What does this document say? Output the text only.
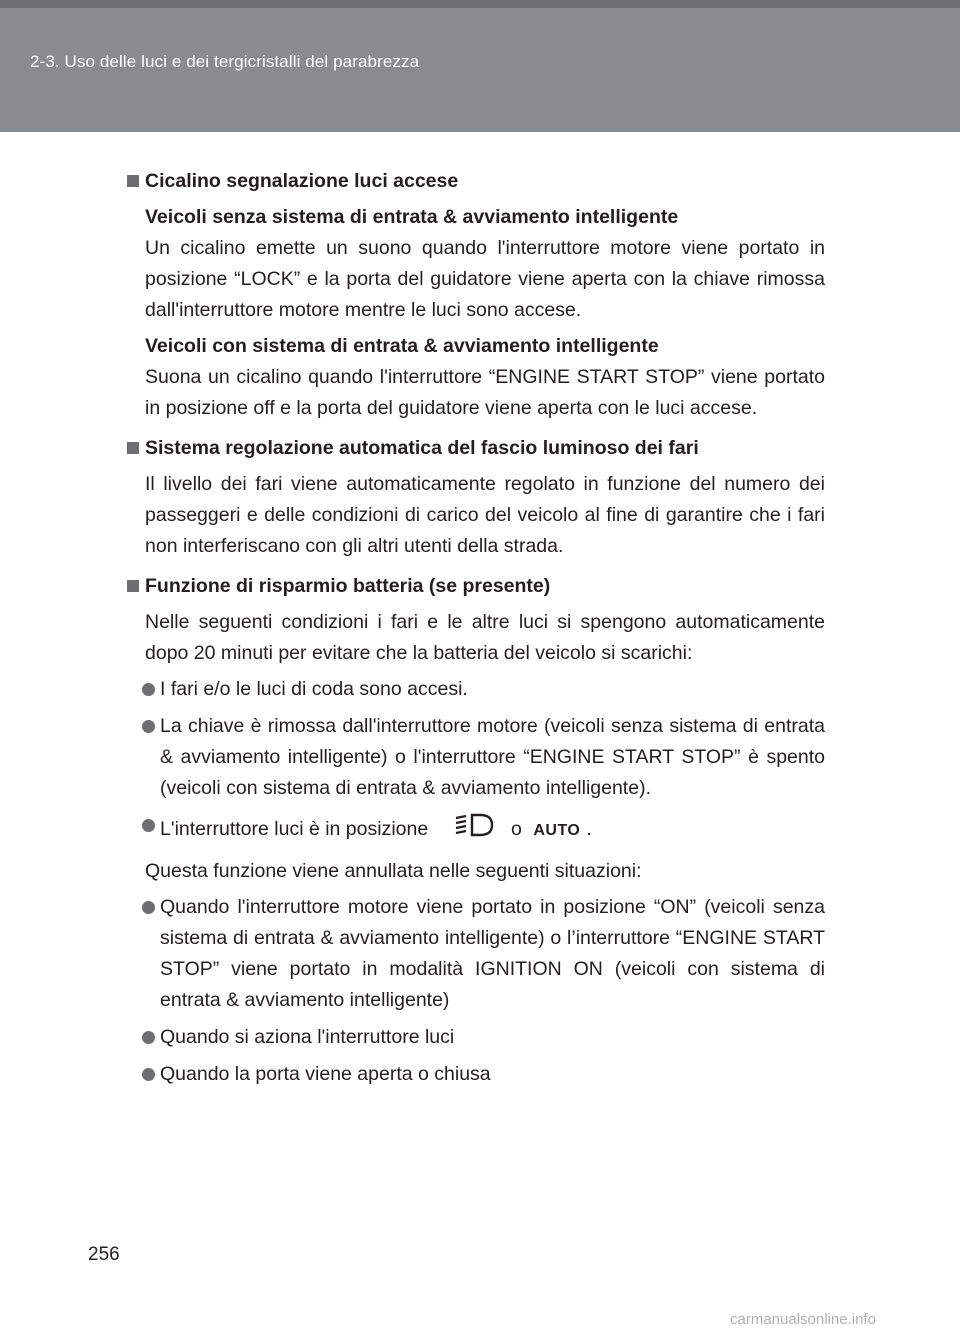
2-3. Uso delle luci e dei tergicristalli del parabrezza
Cicalino segnalazione luci accese
Veicoli senza sistema di entrata & avviamento intelligente

Un cicalino emette un suono quando l'interruttore motore viene portato in posizione “LOCK” e la porta del guidatore viene aperta con la chiave rimossa dall'interruttore motore mentre le luci sono accese.

Veicoli con sistema di entrata & avviamento intelligente

Suona un cicalino quando l'interruttore “ENGINE START STOP” viene portato in posizione off e la porta del guidatore viene aperta con le luci accese.

Sistema regolazione automatica del fascio luminoso dei fari

Il livello dei fari viene automaticamente regolato in funzione del numero dei passeggeri e delle condizioni di carico del veicolo al fine di garantire che i fari non interferiscano con gli altri utenti della strada.

Funzione di risparmio batteria (se presente)

Nelle seguenti condizioni i fari e le altre luci si spengono automaticamente dopo 20 minuti per evitare che la batteria del veicolo si scarichi:

I fari e/o le luci di coda sono accesi.
La chiave è rimossa dall'interruttore motore (veicoli senza sistema di entrata & avviamento intelligente) o l'interruttore “ENGINE START STOP” è spento (veicoli con sistema di entrata & avviamento intelligente).
L'interruttore luci è in posizione	o AUTO .

Questa funzione viene annullata nelle seguenti situazioni:

Quando l'interruttore motore viene portato in posizione “ON” (veicoli senza sistema di entrata & avviamento intelligente) o l’interruttore “ENGINE START STOP” viene portato in modalità IGNITION ON (veicoli con sistema di entrata & avviamento intelligente)
Quando si aziona l'interruttore luci
Quando la porta viene aperta o chiusa
256
carmanualsonline.info
